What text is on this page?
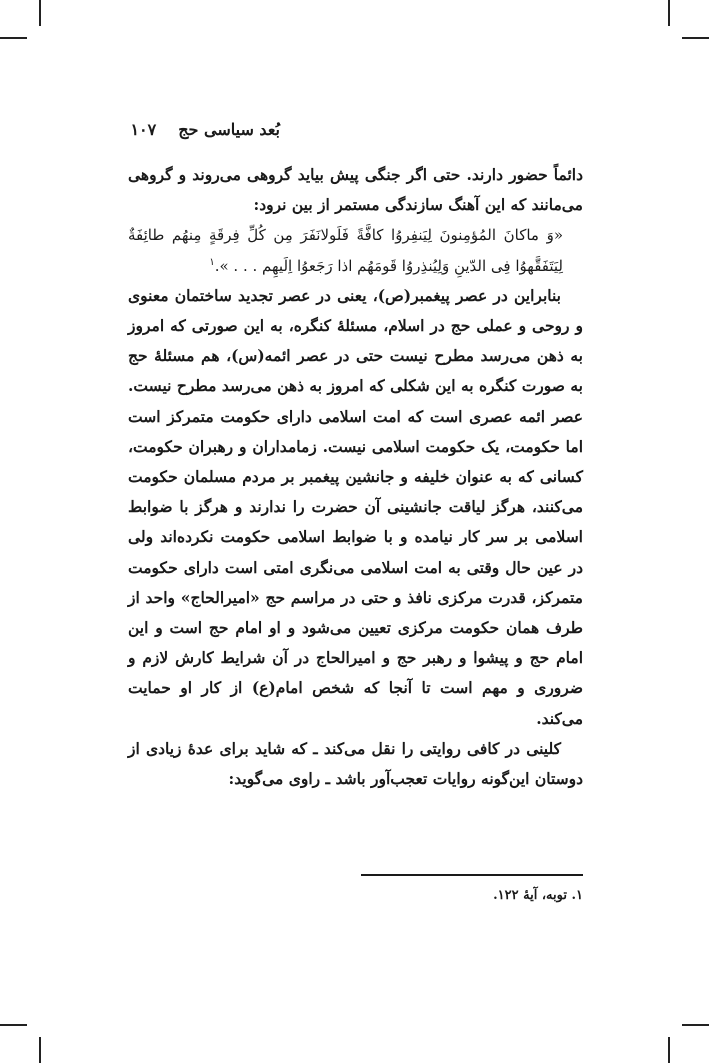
بُعد سیاسی حج
۱۰۷

دائماً حضور دارند. حتی اگر جنگی پیش بیاید گروهی می‌روند و گروهی می‌مانند که این آهنگ سازندگی مستمر از بین نرود:

«وَ ماکانَ المُؤمِنونَ لِیَنفِروُا کافَّةً فَلَولانَفَرَ مِن کُلِّ فِرقَةٍ مِنهُم طائِفَةٌ لِیَتَفَقَّهوُا فِی الدّینِ وَلِیُنذِروُا قَومَهُم اذا رَجَعوُا اِلَیهِم . . . ».$^۱$

بنابراین در عصر پیغمبر(ص)، یعنی در عصر تجدید ساختمان معنوی و روحی و عملی حج در اسلام، مسئلهٔ کنگره، به این صورتی که امروز به ذهن می‌رسد مطرح نیست حتی در عصر ائمه(س)، هم مسئلهٔ حج به صورت کنگره به این شکلی که امروز به ذهن می‌رسد مطرح نیست. عصر ائمه عصری است که امت اسلامی دارای حکومت متمرکز است اما حکومت، یک حکومت اسلامی نیست. زمامداران و رهبران حکومت، کسانی که به عنوان خلیفه و جانشین پیغمبر بر مردم مسلمان حکومت می‌کنند، هرگز لیاقت جانشینی آن حضرت را ندارند و هرگز با ضوابط اسلامی بر سر کار نیامده و با ضوابط اسلامی حکومت نکرده‌اند ولی در عین حال وقتی به امت اسلامی می‌نگری امتی است دارای حکومت متمرکز، قدرت مرکزی نافذ و حتی در مراسم حج «امیرالحاج» واحد از طرف همان حکومت مرکزی تعیین می‌شود و او امام حج است و این امام حج و پیشوا و رهبر حج و امیرالحاج در آن شرایط کارش لازم و ضروری و مهم است تا آنجا که شخص امام(ع) از کار او حمایت می‌کند.

کلینی در کافی روایتی را نقل می‌کند ـ که شاید برای عدهٔ زیادی از دوستان این‌گونه روایات تعجب‌آور باشد ـ راوی می‌گوید:

۱. توبه، آیهٔ ۱۲۲.
